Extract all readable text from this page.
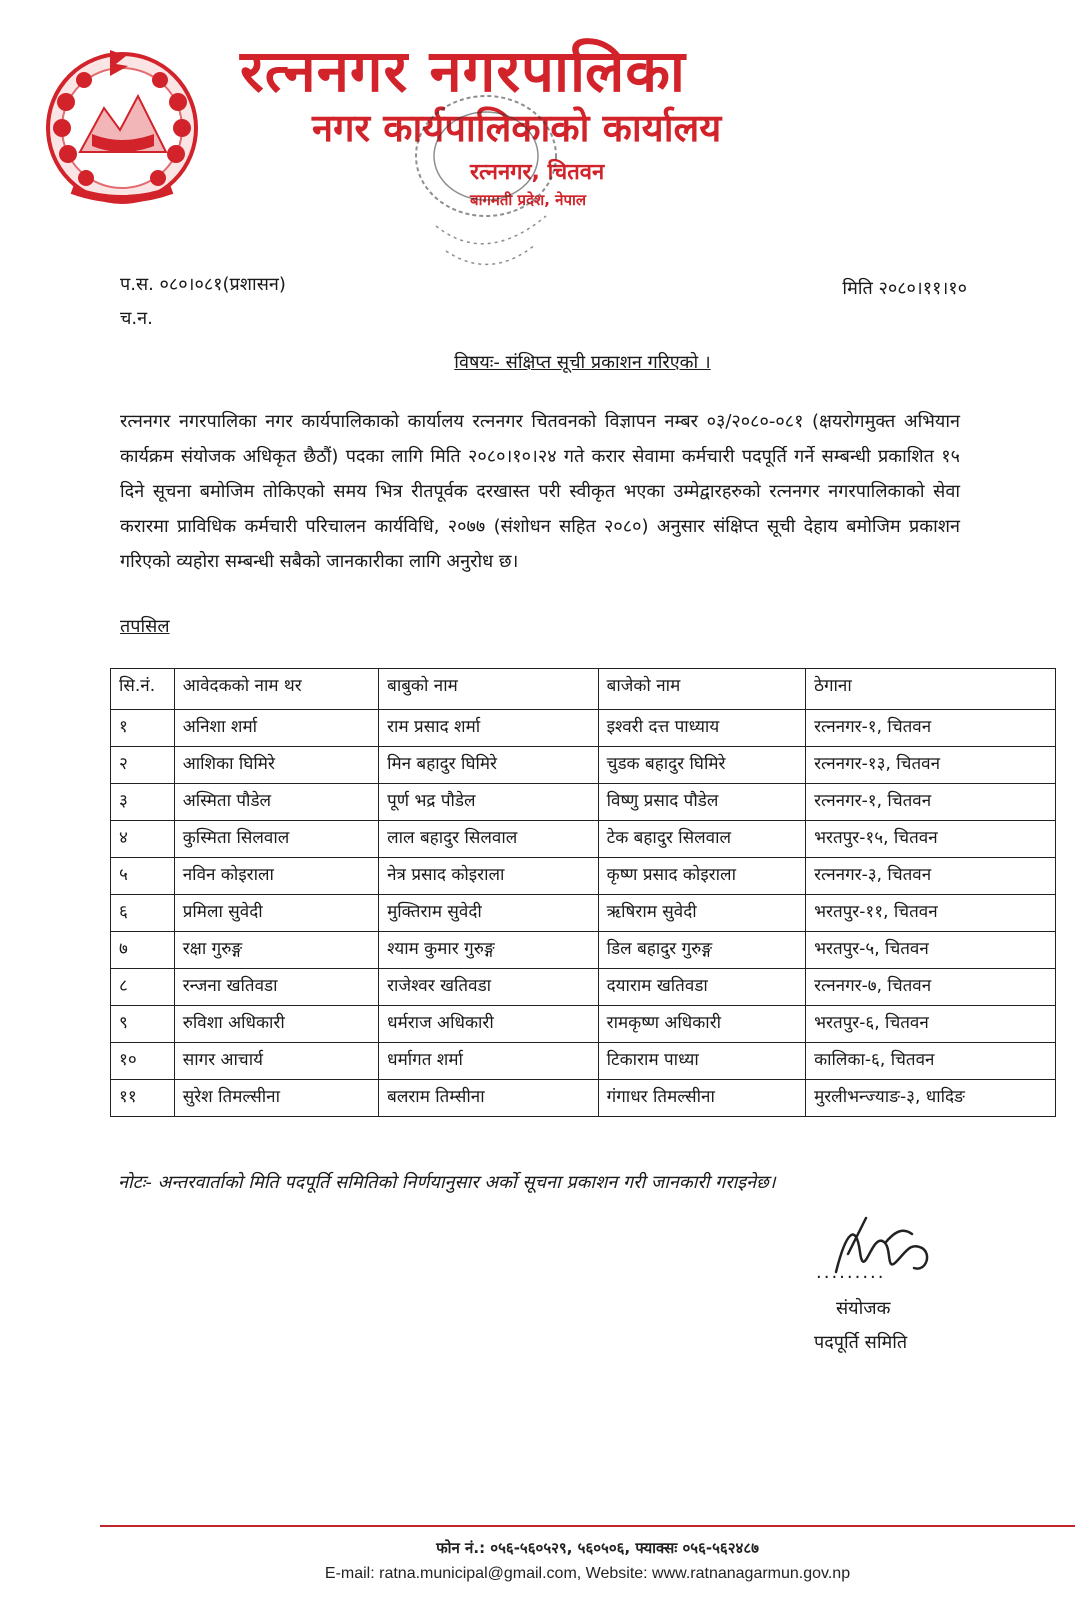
रत्ननगर नगरपालिका
नगर कार्यपालिकाको कार्यालय
रत्ननगर, चितवन
बागमती प्रदेश, नेपाल
प.स. ०८०।०८१(प्रशासन)
च.न.
मिति २०८०।११।१०
विषयः- संक्षिप्त सूची प्रकाशन गरिएको ।
रत्ननगर नगरपालिका नगर कार्यपालिकाको कार्यालय रत्ननगर चितवनको विज्ञापन नम्बर ०३/२०८०-०८१ (क्षयरोगमुक्त अभियान कार्यक्रम संयोजक अधिकृत छैठौं) पदका लागि मिति २०८०।१०।२४ गते करार सेवामा कर्मचारी पदपूर्ति गर्ने सम्बन्धी प्रकाशित १५ दिने सूचना बमोजिम तोकिएको समय भित्र रीतपूर्वक दरखास्त परी स्वीकृत भएका उम्मेद्वारहरुको रत्ननगर नगरपालिकाको सेवा करारमा प्राविधिक कर्मचारी परिचालन कार्यविधि, २०७७ (संशोधन सहित २०८०) अनुसार संक्षिप्त सूची देहाय बमोजिम प्रकाशन गरिएको व्यहोरा सम्बन्धी सबैको जानकारीका लागि अनुरोध छ।
तपसिल
सि.नं.	आवेदकको नाम थर	बाबुको नाम	बाजेको नाम	ठेगाना
१	अनिशा शर्मा	राम प्रसाद शर्मा	इश्वरी दत्त पाध्याय	रत्ननगर-१, चितवन
२	आशिका घिमिरे	मिन बहादुर घिमिरे	चुडक बहादुर घिमिरे	रत्ननगर-१३, चितवन
३	अस्मिता पौडेल	पूर्ण भद्र पौडेल	विष्णु प्रसाद पौडेल	रत्ननगर-१, चितवन
४	कुस्मिता सिलवाल	लाल बहादुर सिलवाल	टेक बहादुर सिलवाल	भरतपुर-१५, चितवन
५	नविन कोइराला	नेत्र प्रसाद कोइराला	कृष्ण प्रसाद कोइराला	रत्ननगर-३, चितवन
६	प्रमिला सुवेदी	मुक्तिराम सुवेदी	ऋषिराम सुवेदी	भरतपुर-११, चितवन
७	रक्षा गुरुङ्ग	श्याम कुमार गुरुङ्ग	डिल बहादुर गुरुङ्ग	भरतपुर-५, चितवन
८	रन्जना खतिवडा	राजेश्वर खतिवडा	दयाराम खतिवडा	रत्ननगर-७, चितवन
९	रुविशा अधिकारी	धर्मराज अधिकारी	रामकृष्ण अधिकारी	भरतपुर-६, चितवन
१०	सागर आचार्य	धर्मागत शर्मा	टिकाराम पाध्या	कालिका-६, चितवन
११	सुरेश तिमल्सीना	बलराम तिम्सीना	गंगाधर तिमल्सीना	मुरलीभन्ज्याङ-३, धादिङ
नोटः- अन्तरवार्ताको मिति पदपूर्ति समितिको निर्णयानुसार अर्को सूचना प्रकाशन गरी जानकारी गराइनेछ।
.........
संयोजक
पदपूर्ति समिति
फोन नं.: ०५६-५६०५२९, ५६०५०६, फ्याक्सः ०५६-५६२४८७
E-mail: ratna.municipal@gmail.com, Website: www.ratnanagarmun.gov.np
